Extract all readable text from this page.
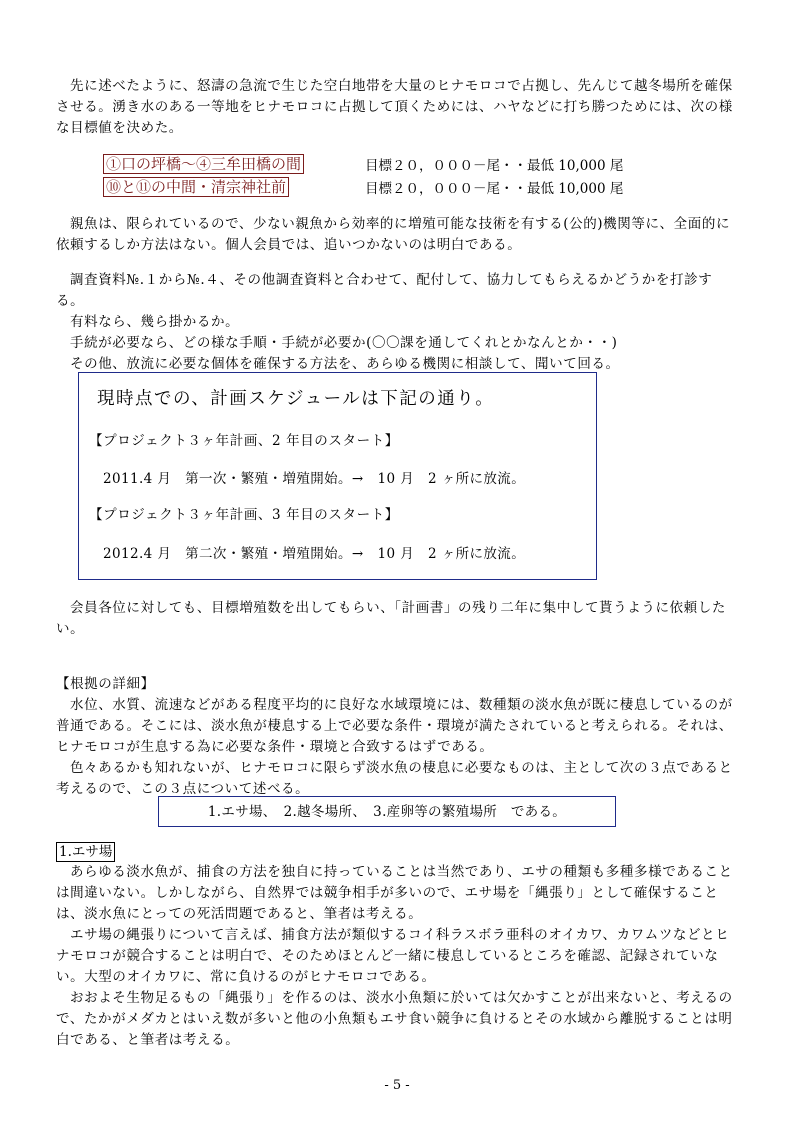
先に述べたように、怒濤の急流で生じた空白地帯を大量のヒナモロコで占拠し、先んじて越冬場所を確保させる。湧き水のある一等地をヒナモロコに占拠して頂くためには、ハヤなどに打ち勝つためには、次の様な目標値を決めた。

①口の坪橋～④三牟田橋の間	目標２０，０００－尾・・最低 10,000 尾
⑩と⑪の中間・清宗神社前	目標２０，０００－尾・・最低 10,000 尾

親魚は、限られているので、少ない親魚から効率的に増殖可能な技術を有する(公的)機関等に、全面的に依頼するしか方法はない。個人会員では、追いつかないのは明白である。

調査資料№.１から№.４、その他調査資料と合わせて、配付して、協力してもらえるかどうかを打診する。

有料なら、幾ら掛かるか。

手続が必要なら、どの様な手順・手続が必要か(〇〇課を通してくれとかなんとか・・)

その他、放流に必要な個体を確保する方法を、あらゆる機関に相談して、聞いて回る。

現時点での、計画スケジュールは下記の通り。
【プロジェクト３ヶ年計画、2 年目のスタート】
2011.4 月　第一次・繁殖・増殖開始。→　10 月　2 ヶ所に放流。
【プロジェクト３ヶ年計画、3 年目のスタート】
2012.4 月　第二次・繁殖・増殖開始。→　10 月　2 ヶ所に放流。

会員各位に対しても、目標増殖数を出してもらい、「計画書」の残り二年に集中して貰うように依頼したい。

【根拠の詳細】

水位、水質、流速などがある程度平均的に良好な水域環境には、数種類の淡水魚が既に棲息しているのが普通である。そこには、淡水魚が棲息する上で必要な条件・環境が満たされていると考えられる。それは、ヒナモロコが生息する為に必要な条件・環境と合致するはずである。

色々あるかも知れないが、ヒナモロコに限らず淡水魚の棲息に必要なものは、主として次の３点であると考えるので、この３点について述べる。

1.エサ場、　2.越冬場所、　3.産卵等の繁殖場所　である。
1.エサ場

あらゆる淡水魚が、捕食の方法を独自に持っていることは当然であり、エサの種類も多種多様であることは間違いない。しかしながら、自然界では競争相手が多いので、エサ場を「縄張り」として確保することは、淡水魚にとっての死活問題であると、筆者は考える。

エサ場の縄張りについて言えば、捕食方法が類似するコイ科ラスボラ亜科のオイカワ、カワムツなどとヒナモロコが競合することは明白で、そのためほとんど一緒に棲息しているところを確認、記録されていない。大型のオイカワに、常に負けるのがヒナモロコである。

おおよそ生物足るもの「縄張り」を作るのは、淡水小魚類に於いては欠かすことが出来ないと、考えるので、たかがメダカとはいえ数が多いと他の小魚類もエサ食い競争に負けるとその水域から離脱することは明白である、と筆者は考える。

- 5 -
